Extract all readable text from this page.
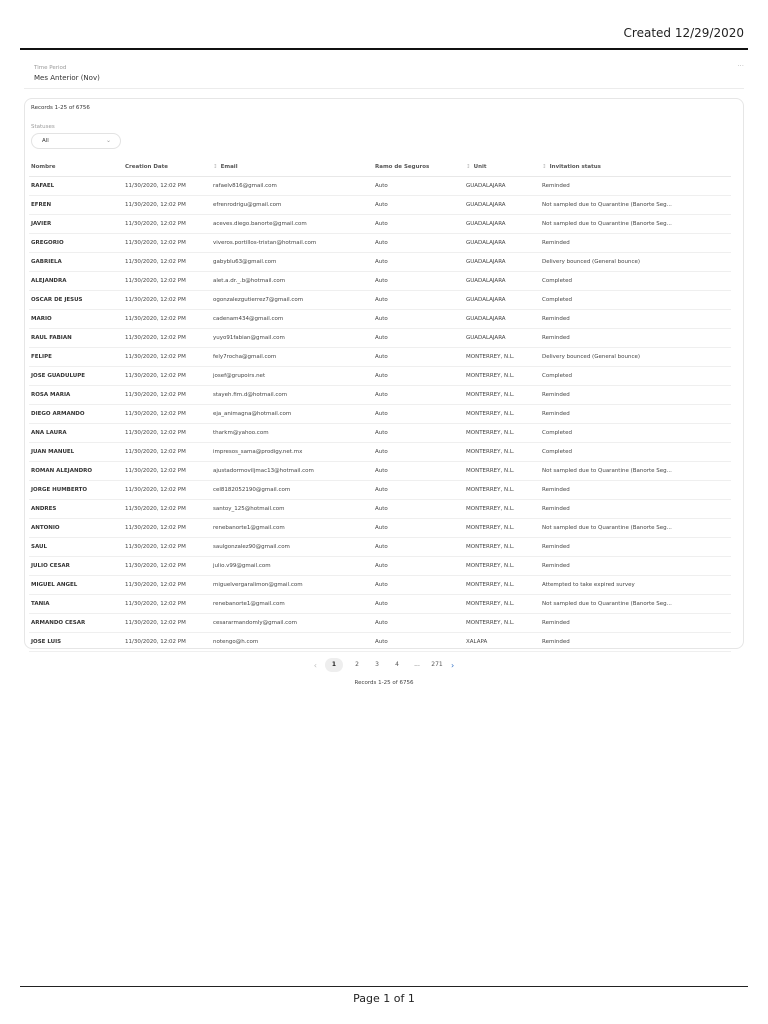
Created 12/29/2020
Time Period
Mes Anterior (Nov)
...
Records 1-25 of 6756
Statuses
All	⌄
Nombre	Creation Date	↕ Email	Ramo de Seguros	↕ Unit	↕ Invitation status
RAFAEL	11/30/2020, 12:02 PM	rafaelv816@gmail.com	Auto	GUADALAJARA	Reminded
EFREN	11/30/2020, 12:02 PM	efrenrodrigu@gmail.com	Auto	GUADALAJARA	Not sampled due to Quarantine (Banorte Seg...
JAVIER	11/30/2020, 12:02 PM	aceves.diego.banorte@gmail.com	Auto	GUADALAJARA	Not sampled due to Quarantine (Banorte Seg...
GREGORIO	11/30/2020, 12:02 PM	viveros.portillos-tristan@hotmail.com	Auto	GUADALAJARA	Reminded
GABRIELA	11/30/2020, 12:02 PM	gabyblu63@gmail.com	Auto	GUADALAJARA	Delivery bounced (General bounce)
ALEJANDRA	11/30/2020, 12:02 PM	alet.a.dr._.b@hotmail.com	Auto	GUADALAJARA	Completed
OSCAR DE JESUS	11/30/2020, 12:02 PM	ogonzalezgutierrez7@gmail.com	Auto	GUADALAJARA	Completed
MARIO	11/30/2020, 12:02 PM	cadenam434@gmail.com	Auto	GUADALAJARA	Reminded
RAUL FABIAN	11/30/2020, 12:02 PM	yuyo91fabian@gmail.com	Auto	GUADALAJARA	Reminded
FELIPE	11/30/2020, 12:02 PM	fely7rocha@gmail.com	Auto	MONTERREY, N.L.	Delivery bounced (General bounce)
JOSE GUADULUPE	11/30/2020, 12:02 PM	josef@grupoirs.net	Auto	MONTERREY, N.L.	Completed
ROSA MARIA	11/30/2020, 12:02 PM	stayeh.fim.d@hotmail.com	Auto	MONTERREY, N.L.	Reminded
DIEGO ARMANDO	11/30/2020, 12:02 PM	eja_animagna@hotmail.com	Auto	MONTERREY, N.L.	Reminded
ANA LAURA	11/30/2020, 12:02 PM	tharkm@yahoo.com	Auto	MONTERREY, N.L.	Completed
JUAN MANUEL	11/30/2020, 12:02 PM	impresos_sama@prodigy.net.mx	Auto	MONTERREY, N.L.	Completed
ROMAN ALEJANDRO	11/30/2020, 12:02 PM	ajustadormoviljmac13@hotmail.com	Auto	MONTERREY, N.L.	Not sampled due to Quarantine (Banorte Seg...
JORGE HUMBERTO	11/30/2020, 12:02 PM	cel8182052190@gmail.com	Auto	MONTERREY, N.L.	Reminded
ANDRES	11/30/2020, 12:02 PM	santoy_125@hotmail.com	Auto	MONTERREY, N.L.	Reminded
ANTONIO	11/30/2020, 12:02 PM	renebanorte1@gmail.com	Auto	MONTERREY, N.L.	Not sampled due to Quarantine (Banorte Seg...
SAUL	11/30/2020, 12:02 PM	saulgonzalez90@gmail.com	Auto	MONTERREY, N.L.	Reminded
JULIO CESAR	11/30/2020, 12:02 PM	julio.v99@gmail.com	Auto	MONTERREY, N.L.	Reminded
MIGUEL ANGEL	11/30/2020, 12:02 PM	miguelvergaralimon@gmail.com	Auto	MONTERREY, N.L.	Attempted to take expired survey
TANIA	11/30/2020, 12:02 PM	renebanorte1@gmail.com	Auto	MONTERREY, N.L.	Not sampled due to Quarantine (Banorte Seg...
ARMANDO CESAR	11/30/2020, 12:02 PM	cesararmandomly@gmail.com	Auto	MONTERREY, N.L.	Reminded
JOSE LUIS	11/30/2020, 12:02 PM	notengo@h.com	Auto	XALAPA	Reminded
‹	1	2	3	4	...	271 ›
Records 1-25 of 6756
Page 1 of 1
